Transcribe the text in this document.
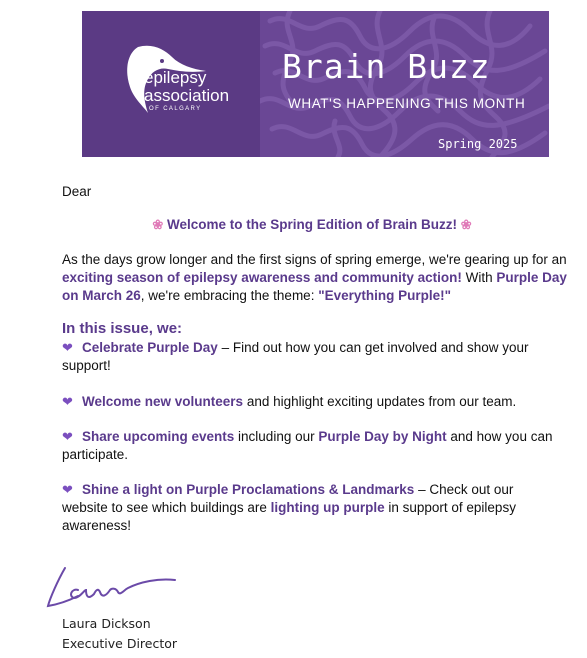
epilepsy
association
OF CALGARY
Brain Buzz
WHAT'S HAPPENING THIS MONTH
Spring 2025
Dear
❀ Welcome to the Spring Edition of Brain Buzz! ❀
As the days grow longer and the first signs of spring emerge, we're gearing up for an exciting season of epilepsy awareness and community action! With Purple Day on March 26, we're embracing the theme: "Everything Purple!"
In this issue, we:
❤ Celebrate Purple Day – Find out how you can get involved and show your support!
❤ Welcome new volunteers and highlight exciting updates from our team.
❤ Share upcoming events including our Purple Day by Night and how you can participate.
❤ Shine a light on Purple Proclamations & Landmarks – Check out our website to see which buildings are lighting up purple in support of epilepsy awareness!
Laura Dickson
Executive Director
